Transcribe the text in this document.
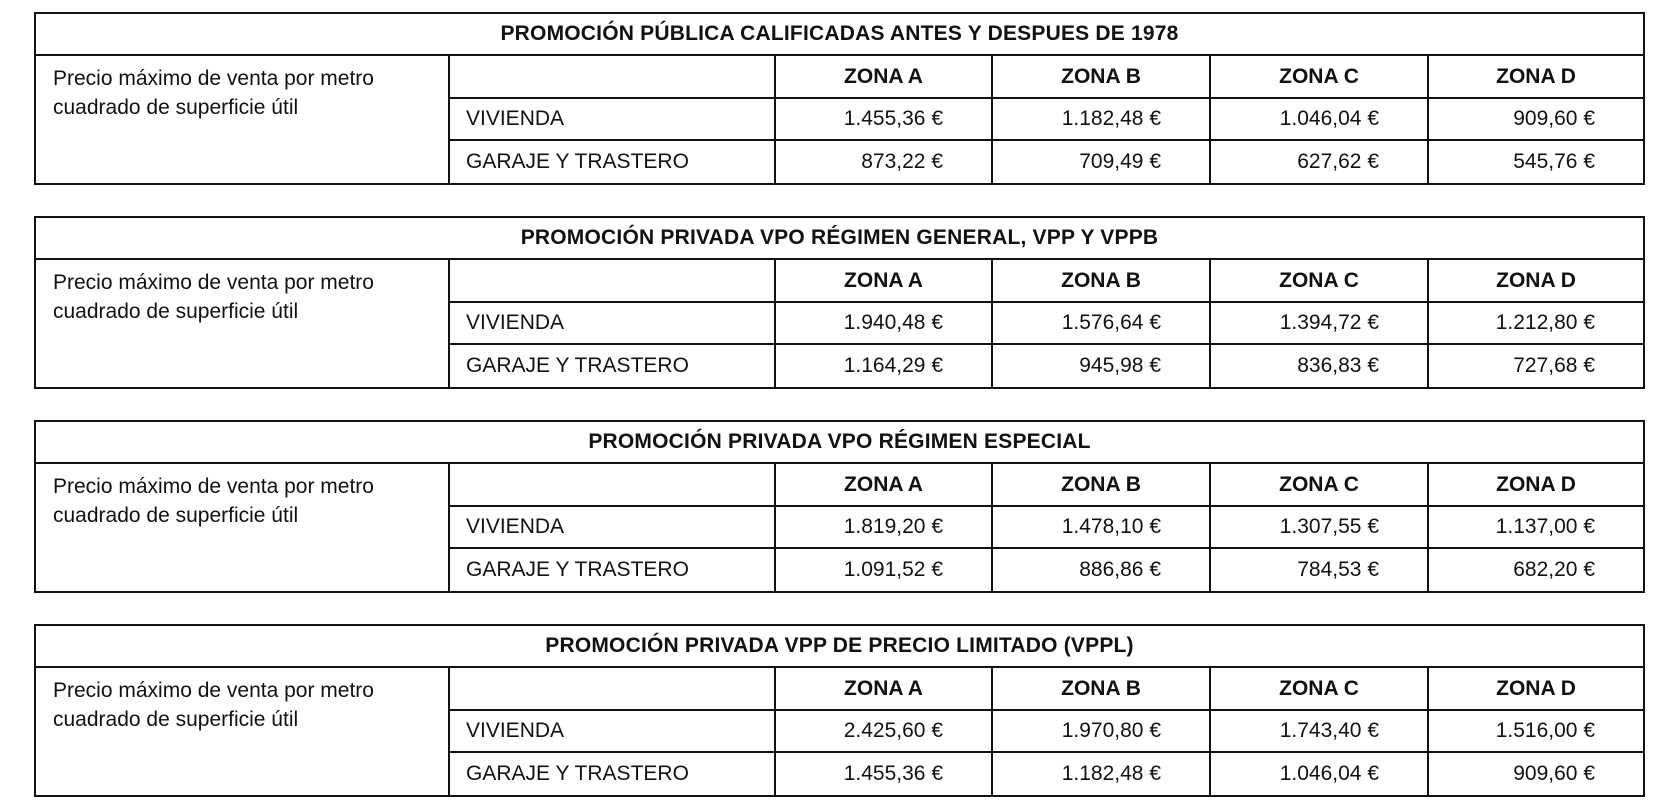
PROMOCIÓN PÚBLICA CALIFICADAS ANTES Y DESPUES DE 1978
Precio máximo de venta por metro cuadrado de superficie útil
ZONA A	ZONA B	ZONA C	ZONA D
VIVIENDA	1.455,36 €	1.182,48 €	1.046,04 €	909,60 €
GARAJE Y TRASTERO	873,22 €	709,49 €	627,62 €	545,76 €
PROMOCIÓN PRIVADA VPO RÉGIMEN GENERAL, VPP Y VPPB
Precio máximo de venta por metro cuadrado de superficie útil
ZONA A	ZONA B	ZONA C	ZONA D
VIVIENDA	1.940,48 €	1.576,64 €	1.394,72 €	1.212,80 €
GARAJE Y TRASTERO	1.164,29 €	945,98 €	836,83 €	727,68 €
PROMOCIÓN PRIVADA VPO RÉGIMEN ESPECIAL
Precio máximo de venta por metro cuadrado de superficie útil
ZONA A	ZONA B	ZONA C	ZONA D
VIVIENDA	1.819,20 €	1.478,10 €	1.307,55 €	1.137,00 €
GARAJE Y TRASTERO	1.091,52 €	886,86 €	784,53 €	682,20 €
PROMOCIÓN PRIVADA VPP DE PRECIO LIMITADO (VPPL)
Precio máximo de venta por metro cuadrado de superficie útil
ZONA A	ZONA B	ZONA C	ZONA D
VIVIENDA	2.425,60 €	1.970,80 €	1.743,40 €	1.516,00 €
GARAJE Y TRASTERO	1.455,36 €	1.182,48 €	1.046,04 €	909,60 €
